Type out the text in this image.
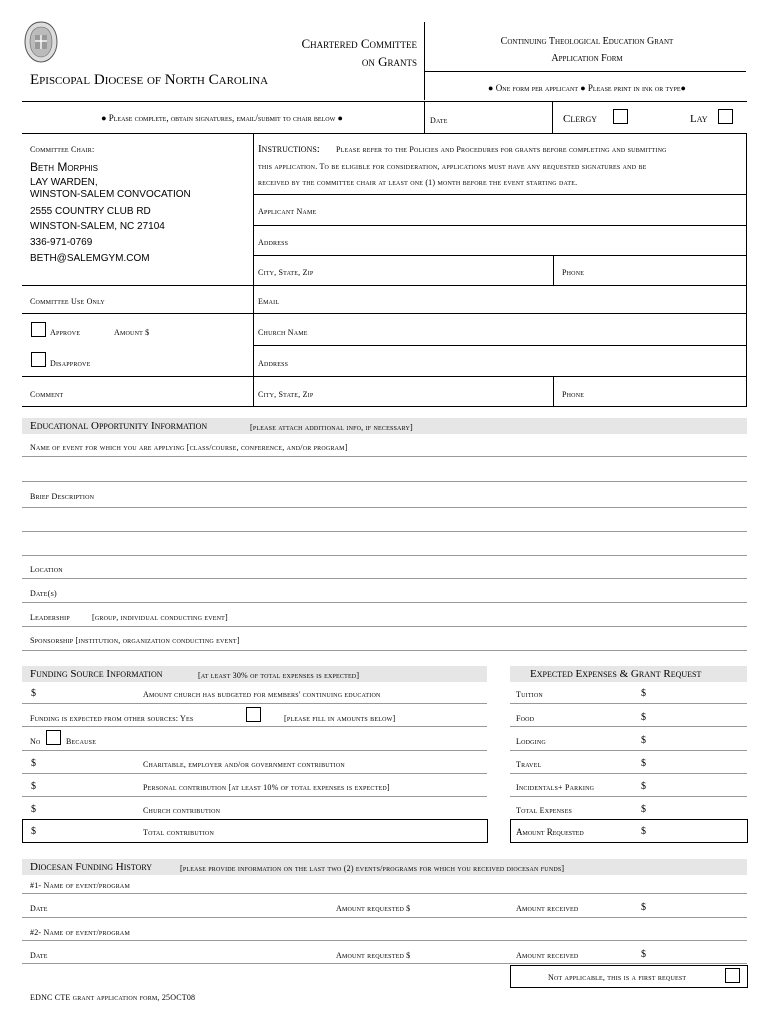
Episcopal Diocese of North Carolina
Chartered Committee
on Grants
Continuing Theological Education Grant
Application Form
● One form per applicant ● Please print in ink or type●
● Please complete, obtain signatures, email/submit to chair below ●	Date	Clergy	Lay
Committee Chair:
Beth Morphis
LAY WARDEN,
WINSTON-SALEM CONVOCATION
2555 COUNTRY CLUB RD
WINSTON-SALEM, NC 27104
336-971-0769
BETH@SALEMGYM.COM
Instructions: Please refer to the Policies and Procedures for grants before completing and submitting
this application. To be eligible for consideration, applications must have any requested signatures and be
received by the committee chair at least one (1) month before the event starting date.
Applicant Name
Address
City, State, Zip	Phone
Committee Use Only	Email
Approve	Amount $	Church Name
Disapprove	Address
Comment	City, State, Zip	Phone
Educational Opportunity Information	[please attach additional info, if necessary]
Name of event for which you are applying [class/course, conference, and/or program]
Brief Description
Location
Date(s)
Leadership	[group, individual conducting event]
Sponsorship [institution, organization conducting event]
Funding Source Information	[at least 30% of total expenses is expected]
$	Amount church has budgeted for members' continuing education
Funding is expected from other sources: Yes	[please fill in amounts below]
No	Because
$	Charitable, employer and/or government contribution
$	Personal contribution [at least 10% of total expenses is expected]
$	Church contribution
$	Total contribution
Expected Expenses & Grant Request
Tuition	$
Food	$
Lodging	$
Travel	$
Incidentals+ Parking	$
Total Expenses	$
Amount Requested	$
Diocesan Funding History	[please provide information on the last two (2) events/programs for which you received diocesan funds]
#1- Name of event/program
Date	Amount requested $	Amount received	$
#2- Name of event/program
Date	Amount requested $	Amount received	$
Not applicable, this is a first request
EDNC CTE grant application form, 25OCT08
